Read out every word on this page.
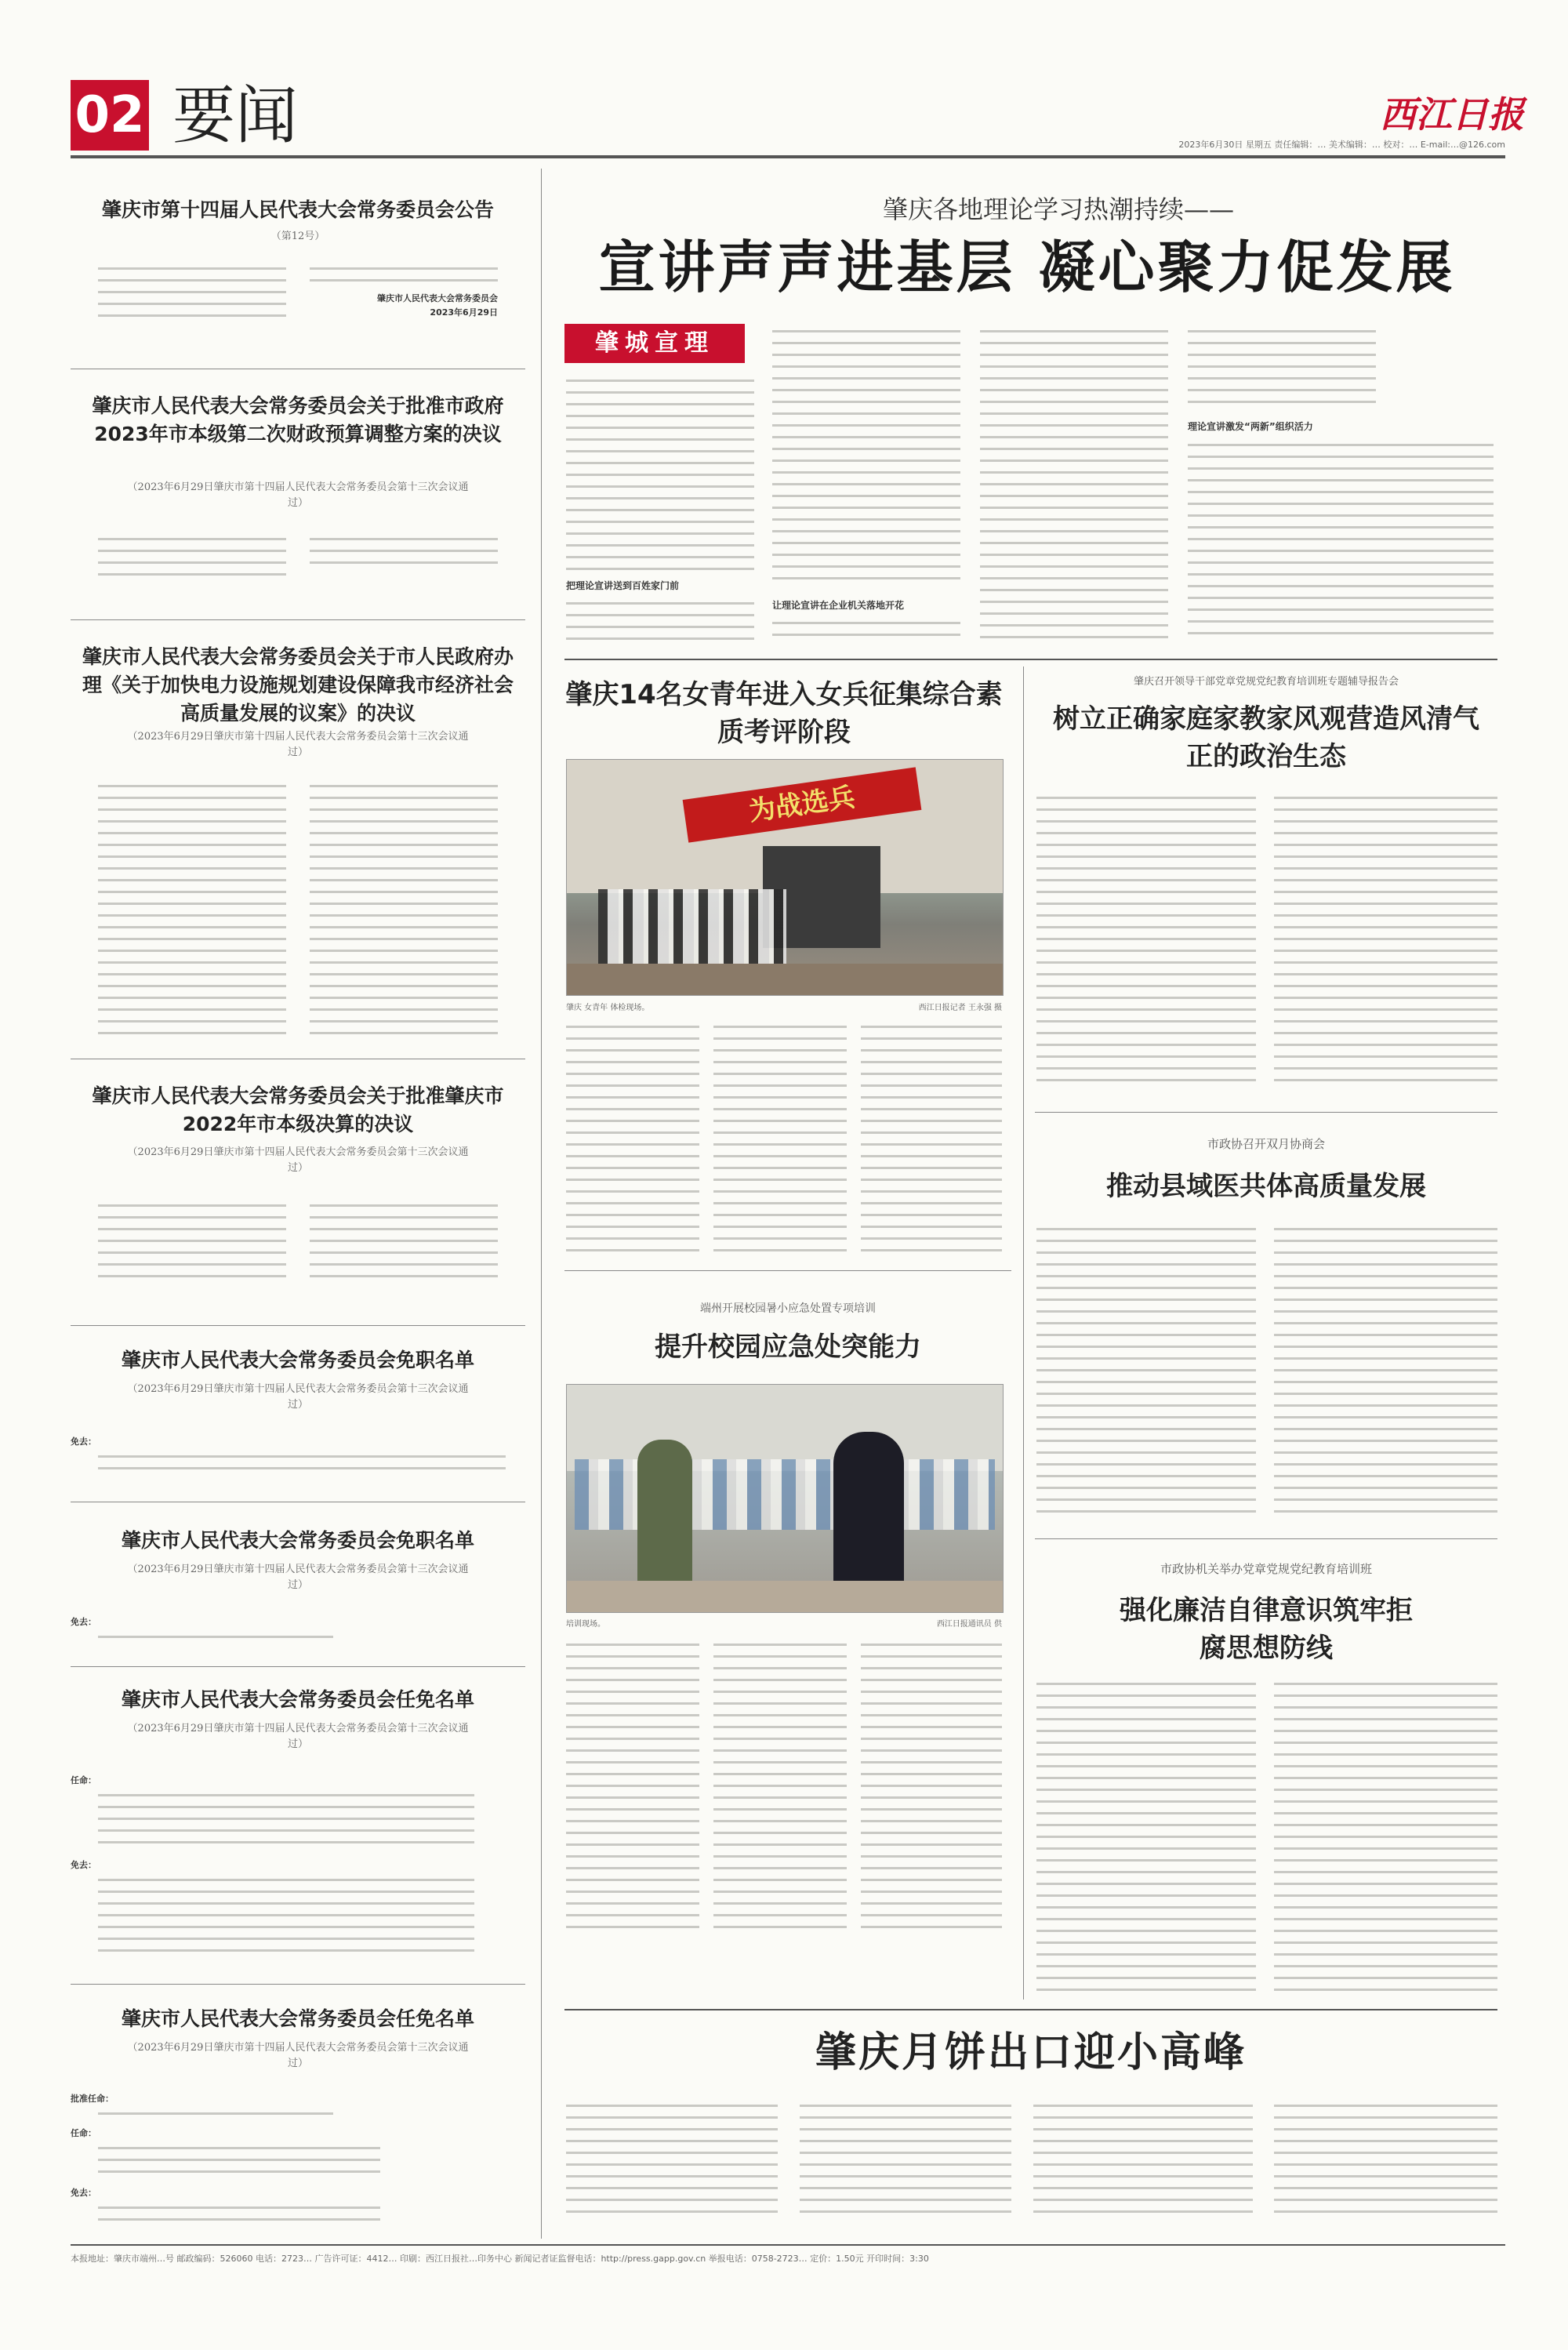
02 要闻	西江日报
2023年6月30日 星期五 责任编辑：… 美术编辑：… 校对：… E-mail:…@126.com
肇庆市第十四届人民代表大会常务委员会公告
（第12号）
肇庆市人民代表大会常务委员会
2023年6月29日
肇庆市人民代表大会常务委员会关于批准市政府2023年市本级第二次财政预算调整方案的决议
（2023年6月29日肇庆市第十四届人民代表大会常务委员会第十三次会议通过）
肇庆市人民代表大会常务委员会关于市人民政府办理《关于加快电力设施规划建设保障我市经济社会高质量发展的议案》的决议
（2023年6月29日肇庆市第十四届人民代表大会常务委员会第十三次会议通过）
肇庆市人民代表大会常务委员会关于批准肇庆市2022年市本级决算的决议
（2023年6月29日肇庆市第十四届人民代表大会常务委员会第十三次会议通过）
肇庆市人民代表大会常务委员会免职名单
（2023年6月29日肇庆市第十四届人民代表大会常务委员会第十三次会议通过）
免去：
肇庆市人民代表大会常务委员会免职名单
（2023年6月29日肇庆市第十四届人民代表大会常务委员会第十三次会议通过）
免去：
肇庆市人民代表大会常务委员会任免名单
（2023年6月29日肇庆市第十四届人民代表大会常务委员会第十三次会议通过）
任命：
免去：
肇庆市人民代表大会常务委员会任免名单
（2023年6月29日肇庆市第十四届人民代表大会常务委员会第十三次会议通过）
批准任命：
任命：
免去：
肇庆各地理论学习热潮持续——
宣讲声声进基层 凝心聚力促发展
肇城宣理
把理论宣讲送到百姓家门前
让理论宣讲在企业机关落地开花
理论宣讲激发“两新”组织活力
肇庆14名女青年进入女兵征集综合素质考评阶段
为战选兵
肇庆 女青年 体检现场。	西江日报记者 王永强 摄
端州开展校园暑小应急处置专项培训
提升校园应急处突能力
培训现场。	西江日报通讯员 供
肇庆召开领导干部党章党规党纪教育培训班专题辅导报告会
树立正确家庭家教家风观营造风清气正的政治生态
市政协召开双月协商会
推动县域医共体高质量发展
市政协机关举办党章党规党纪教育培训班
强化廉洁自律意识筑牢拒腐思想防线
肇庆月饼出口迎小高峰
本报地址：肇庆市端州…号 邮政编码：526060 电话：2723… 广告许可证：4412… 印刷：西江日报社…印务中心 新闻记者证监督电话：http://press.gapp.gov.cn 举报电话：0758-2723… 定价：1.50元 开印时间：3:30
